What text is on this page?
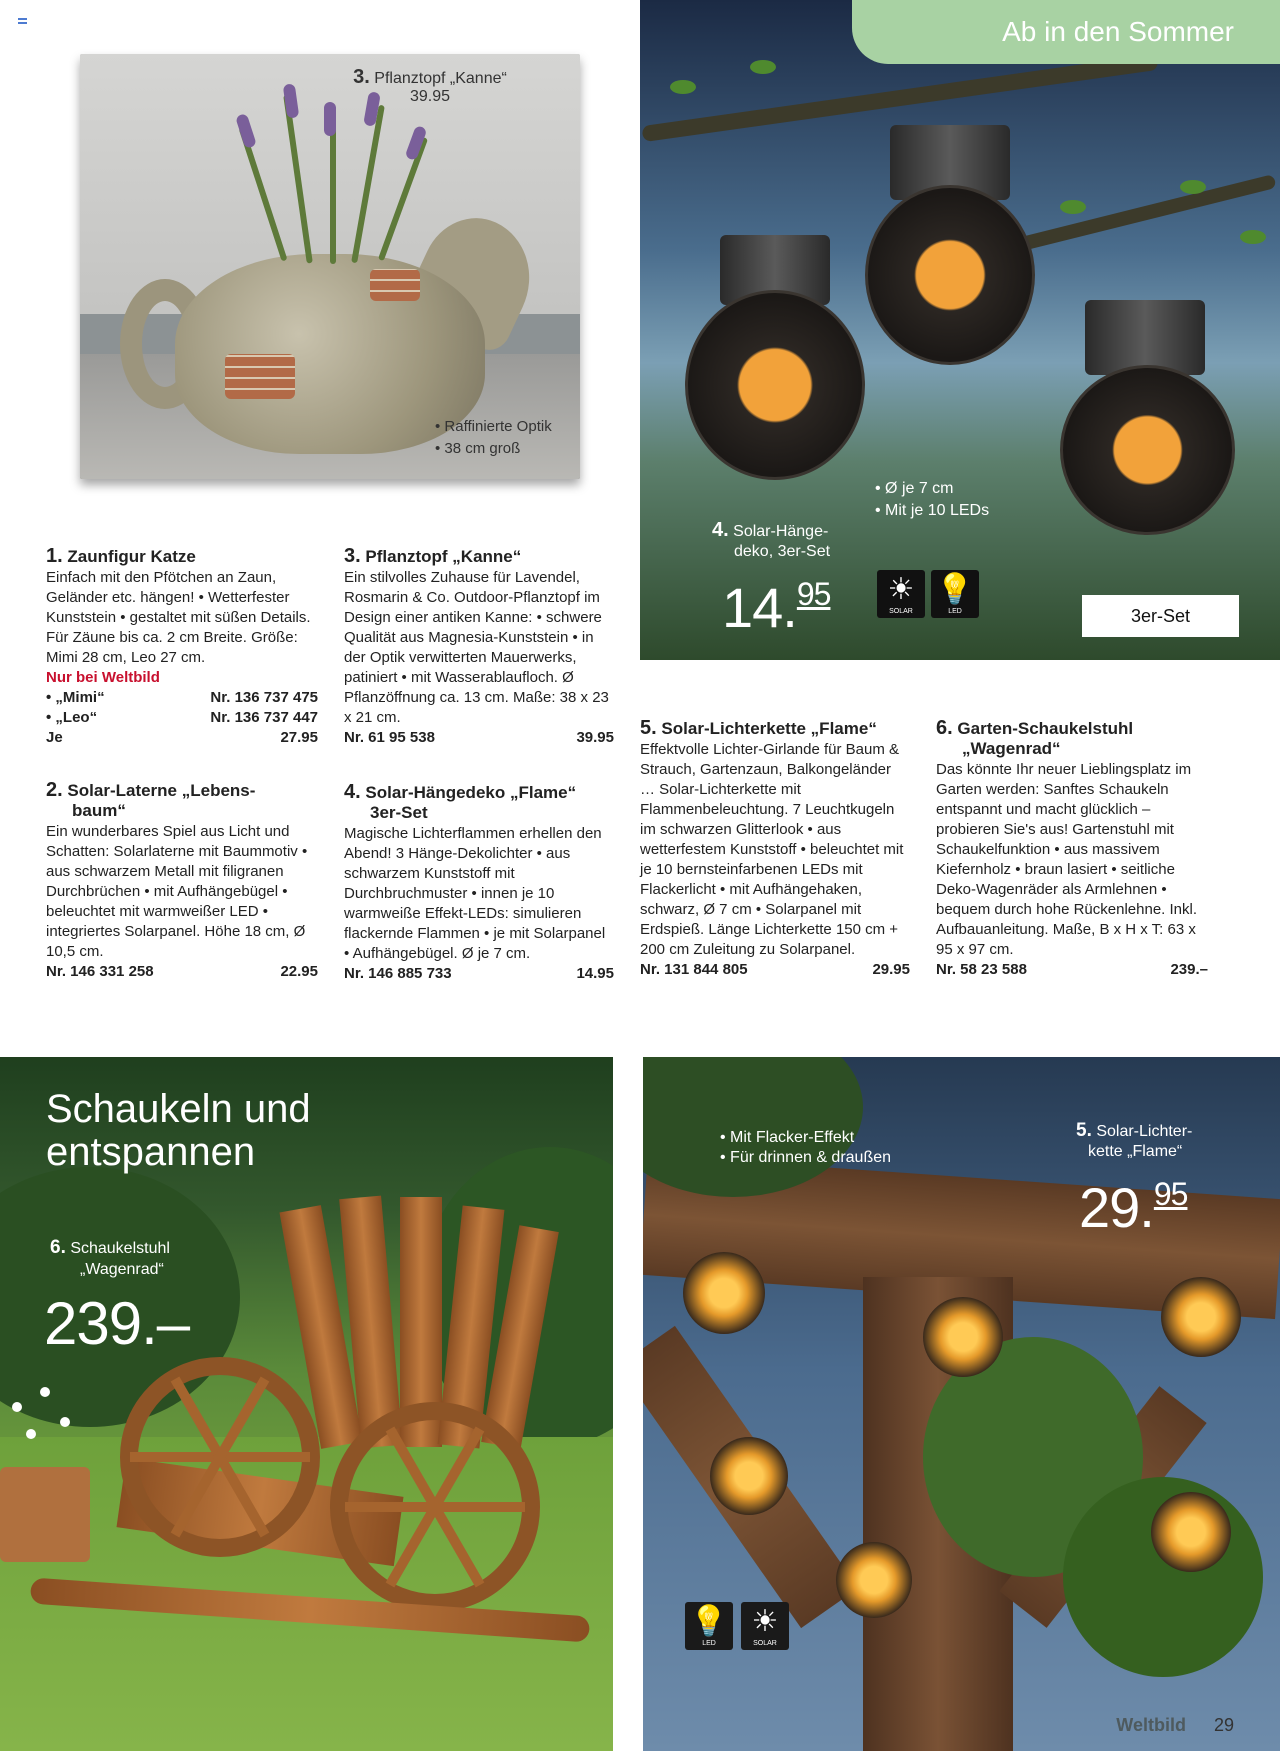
3. Pflanztopf „Kanne“
39.95
• Raffinierte Optik
• 38 cm groß
• Ø je 7 cm
• Mit je 10 LEDs
4. Solar-Hänge-
deko, 3er-Set
14.95 ☀
SOLAR
💡
LED
Ab in den Sommer
3er-Set
1. Zaunfigur Katze
Einfach mit den Pfötchen an Zaun, Geländer etc. hängen! • Wetterfester Kunststein • gestaltet mit süßen Details. Für Zäune bis ca. 2 cm Breite. Größe: Mimi 28 cm, Leo 27 cm.
Nur bei Weltbild
• „Mimi“	Nr. 136 737 475
• „Leo“	Nr. 136 737 447
Je	27.95
2. Solar-Laterne „Lebens-
baum“
Ein wunderbares Spiel aus Licht und Schatten: Solarlaterne mit Baummotiv • aus schwarzem Metall mit filigranen Durchbrüchen • mit Aufhängebügel • beleuchtet mit warmweißer LED • integriertes Solarpanel. Höhe 18 cm, Ø 10,5 cm.
Nr. 146 331 258	22.95
3. Pflanztopf „Kanne“
Ein stilvolles Zuhause für Lavendel, Rosmarin & Co. Outdoor-Pflanztopf im Design einer antiken Kanne: • schwere Qualität aus Magnesia-Kunststein • in der Optik verwitterten Mauerwerks, patiniert • mit Wasserablaufloch. Ø Pflanzöffnung ca. 13 cm. Maße: 38 x 23 x 21 cm.
Nr. 61 95 538	39.95
4. Solar-Hängedeko „Flame“
3er-Set
Magische Lichterflammen erhellen den Abend! 3 Hänge-Dekolichter • aus schwarzem Kunststoff mit Durchbruchmuster • innen je 10 warmweiße Effekt-LEDs: simulieren flackernde Flammen • je mit Solarpanel • Aufhängebügel. Ø je 7 cm.
Nr. 146 885 733	14.95
5. Solar-Lichterkette „Flame“
Effektvolle Lichter-Girlande für Baum & Strauch, Gartenzaun, Balkongeländer … Solar-Lichterkette mit Flammenbeleuchtung. 7 Leuchtkugeln im schwarzen Glitterlook • aus wetterfestem Kunststoff • beleuchtet mit je 10 bernsteinfarbenen LEDs mit Flackerlicht • mit Aufhängehaken, schwarz, Ø 7 cm • Solarpanel mit Erdspieß. Länge Lichterkette 150 cm + 200 cm Zuleitung zu Solarpanel.
Nr. 131 844 805	29.95
6. Garten-Schaukelstuhl
„Wagenrad“
Das könnte Ihr neuer Lieblingsplatz im Garten werden: Sanftes Schaukeln entspannt und macht glücklich – probieren Sie's aus! Gartenstuhl mit Schaukelfunktion • aus massivem Kiefernholz • braun lasiert • seitliche Deko-Wagenräder als Armlehnen • bequem durch hohe Rückenlehne. Inkl. Aufbauanleitung. Maße, B x H x T: 63 x 95 x 97 cm.
Nr. 58 23 588	239.–
6. Schaukelstuhl
„Wagenrad“
239.–
Schaukeln und
entspannen	• Mit Flacker-Effekt
• Für drinnen & draußen
5. Solar-Lichter-
kette „Flame“
29.95
💡
LED
☀
SOLAR
Weltbild 29
